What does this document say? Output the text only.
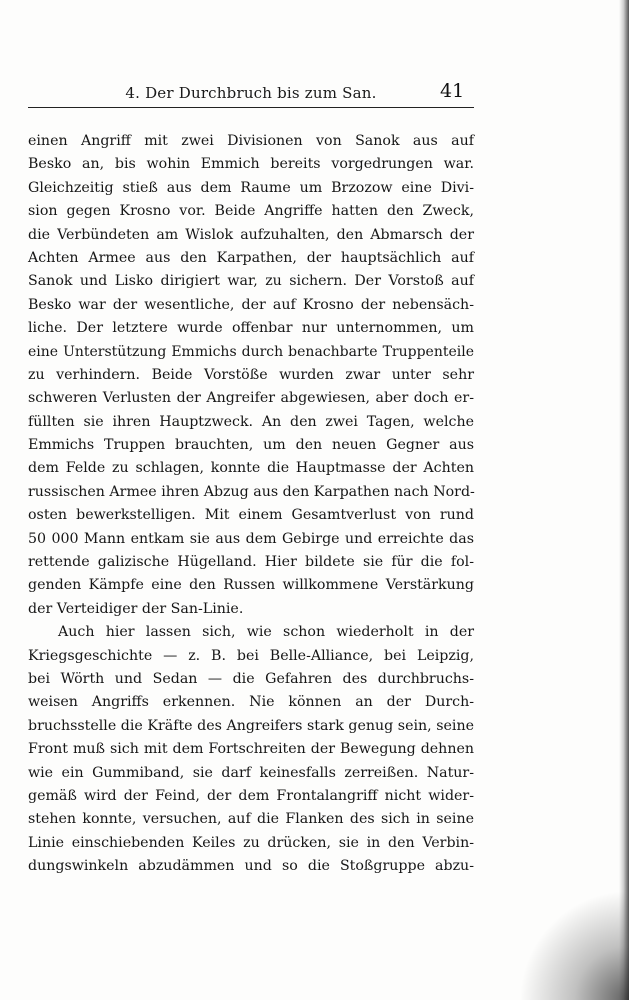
4. Der Durchbruch bis zum San.	41
einen Angriff mit zwei Divisionen von Sanok aus auf
Besko an, bis wohin Emmich bereits vorgedrungen war.
Gleichzeitig stieß aus dem Raume um Brzozow eine Divi-
sion gegen Krosno vor. Beide Angriffe hatten den Zweck,
die Verbündeten am Wislok aufzuhalten, den Abmarsch der
Achten Armee aus den Karpathen, der hauptsächlich auf
Sanok und Lisko dirigiert war, zu sichern. Der Vorstoß auf
Besko war der wesentliche, der auf Krosno der nebensäch-
liche. Der letztere wurde offenbar nur unternommen, um
eine Unterstützung Emmichs durch benachbarte Truppenteile
zu verhindern. Beide Vorstöße wurden zwar unter sehr
schweren Verlusten der Angreifer abgewiesen, aber doch er-
füllten sie ihren Hauptzweck. An den zwei Tagen, welche
Emmichs Truppen brauchten, um den neuen Gegner aus
dem Felde zu schlagen, konnte die Hauptmasse der Achten
russischen Armee ihren Abzug aus den Karpathen nach Nord-
osten bewerkstelligen. Mit einem Gesamtverlust von rund
50 000 Mann entkam sie aus dem Gebirge und erreichte das
rettende galizische Hügelland. Hier bildete sie für die fol-
genden Kämpfe eine den Russen willkommene Verstärkung
der Verteidiger der San-Linie.
Auch hier lassen sich, wie schon wiederholt in der
Kriegsgeschichte — z. B. bei Belle-Alliance, bei Leipzig,
bei Wörth und Sedan — die Gefahren des durchbruchs-
weisen Angriffs erkennen. Nie können an der Durch-
bruchsstelle die Kräfte des Angreifers stark genug sein, seine
Front muß sich mit dem Fortschreiten der Bewegung dehnen
wie ein Gummiband, sie darf keinesfalls zerreißen. Natur-
gemäß wird der Feind, der dem Frontalangriff nicht wider-
stehen konnte, versuchen, auf die Flanken des sich in seine
Linie einschiebenden Keiles zu drücken, sie in den Verbin-
dungswinkeln abzudämmen und so die Stoßgruppe abzu-
